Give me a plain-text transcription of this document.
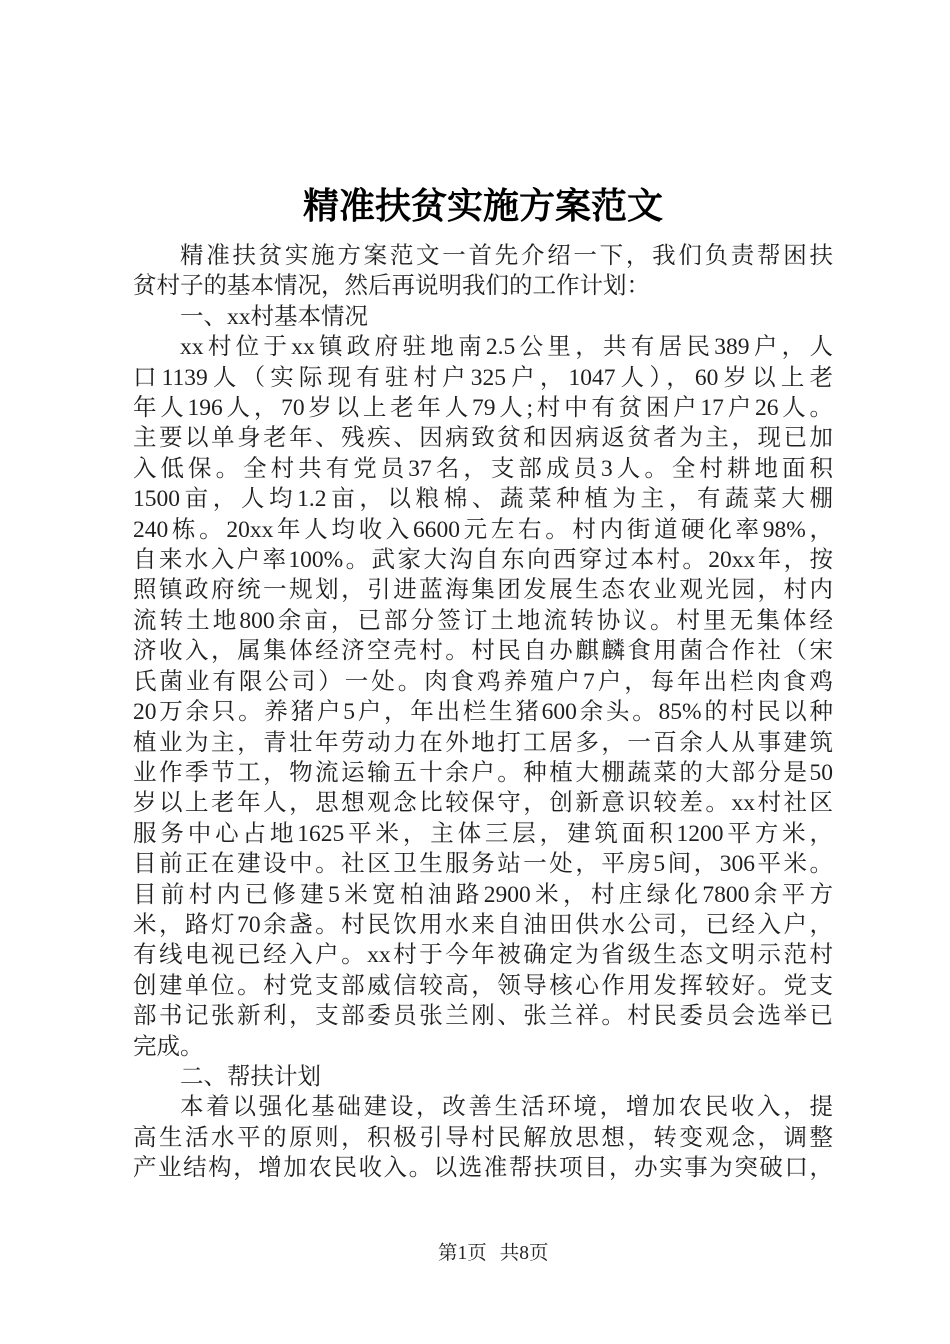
精准扶贫实施方案范文
精准扶贫实施方案范文一首先介绍一下，我们负责帮困扶
贫村子的基本情况，然后再说明我们的工作计划：
一、xx村基本情况
xx村位于xx镇政府驻地南2.5公里，共有居民389户，人
口1139人（实际现有驻村户325户，1047人），60岁以上老
年人196人，70岁以上老年人79人;村中有贫困户17户26人。
主要以单身老年、残疾、因病致贫和因病返贫者为主，现已加
入低保。全村共有党员37名，支部成员3人。全村耕地面积
1500亩，人均1.2亩，以粮棉、蔬菜种植为主，有蔬菜大棚
240栋。20xx年人均收入6600元左右。村内街道硬化率98%，
自来水入户率100%。武家大沟自东向西穿过本村。20xx年，按
照镇政府统一规划，引进蓝海集团发展生态农业观光园，村内
流转土地800余亩，已部分签订土地流转协议。村里无集体经
济收入，属集体经济空壳村。村民自办麒麟食用菌合作社（宋
氏菌业有限公司）一处。肉食鸡养殖户7户，每年出栏肉食鸡
20万余只。养猪户5户，年出栏生猪600余头。85%的村民以种
植业为主，青壮年劳动力在外地打工居多，一百余人从事建筑
业作季节工，物流运输五十余户。种植大棚蔬菜的大部分是50
岁以上老年人，思想观念比较保守，创新意识较差。xx村社区
服务中心占地1625平米，主体三层，建筑面积1200平方米，
目前正在建设中。社区卫生服务站一处，平房5间，306平米。
目前村内已修建5米宽柏油路2900米，村庄绿化7800余平方
米，路灯70余盏。村民饮用水来自油田供水公司，已经入户，
有线电视已经入户。xx村于今年被确定为省级生态文明示范村
创建单位。村党支部威信较高，领导核心作用发挥较好。党支
部书记张新利，支部委员张兰刚、张兰祥。村民委员会选举已
完成。
二、帮扶计划
本着以强化基础建设，改善生活环境，增加农民收入，提
高生活水平的原则，积极引导村民解放思想，转变观念，调整
产业结构，增加农民收入。以选准帮扶项目，办实事为突破口，
第1页 共8页
